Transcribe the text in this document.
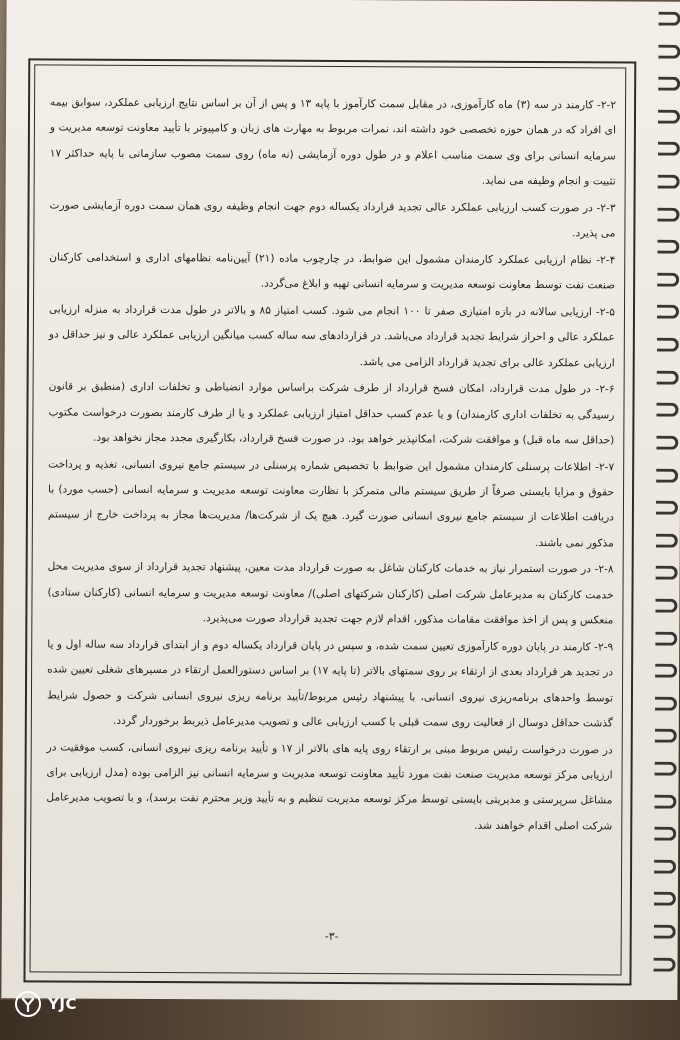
۲-۲- کارمند در سه (۳) ماه کارآموزی، در مقابل سمت کارآموز با پایه ۱۳ و پس از آن بر اساس نتایج ارزیابی عملکرد، سوابق بیمه ای افراد که در همان حوزه تخصصی خود داشته اند، نمرات مربوط به مهارت های زبان و کامپیوتر با تأیید معاونت توسعه مدیریت و سرمایه انسانی برای وی سمت مناسب اعلام و در طول دوره آزمایشی (نه ماه) روی سمت مصوب سازمانی با پایه حداکثر ۱۷ تثبیت و انجام وظیفه می نماید.

۲-۳- در صورت کسب ارزیابی عملکرد عالی تجدید قرارداد یکساله دوم جهت انجام وظیفه روی همان سمت دوره آزمایشی صورت می پذیرد.

۲-۴- نظام ارزیابی عملکرد کارمندان مشمول این ضوابط، در چارچوب ماده (۲۱) آیین‌نامه نظامهای اداری و استخدامی کارکنان صنعت نفت توسط معاونت توسعه مدیریت و سرمایه انسانی تهیه و ابلاغ می‌گردد.

۲-۵- ارزیابی سالانه در بازه امتیازی صفر تا ۱۰۰ انجام می شود. کسب امتیاز ۸۵ و بالاتر در طول مدت قرارداد به منزله ارزیابی عملکرد عالی و احراز شرایط تجدید قرارداد می‌باشد. در قراردادهای سه ساله کسب میانگین ارزیابی عملکرد عالی و نیز حداقل دو ارزیابی عملکرد عالی برای تجدید قرارداد الزامی می باشد.

۲-۶- در طول مدت قرارداد، امکان فسخ قرارداد از طرف شرکت براساس موارد انضباطی و تخلفات اداری (منطبق بر قانون رسیدگی به تخلفات اداری کارمندان) و یا عدم کسب حداقل امتیاز ارزیابی عملکرد و یا از طرف کارمند بصورت درخواست مکتوب (حداقل سه ماه قبل) و موافقت شرکت، امکانپذیر خواهد بود. در صورت فسخ قرارداد، بکارگیری مجدد مجاز نخواهد بود.

۲-۷- اطلاعات پرسنلی کارمندان مشمول این ضوابط با تخصیص شماره پرسنلی در سیستم جامع نیروی انسانی، تغذیه و پرداخت حقوق و مزایا بایستی صرفاً از طریق سیستم مالی متمرکز با نظارت معاونت توسعه مدیریت و سرمایه انسانی (حسب مورد) با دریافت اطلاعات از سیستم جامع نیروی انسانی صورت گیرد. هیچ یک از شرکت‌ها/ مدیریت‌ها مجاز به پرداخت خارج از سیستم مذکور نمی باشند.

۲-۸- در صورت استمرار نیاز به خدمات کارکنان شاغل به صورت قرارداد مدت معین، پیشنهاد تجدید قرارداد از سوی مدیریت محل خدمت کارکنان به مدیرعامل شرکت اصلی (کارکنان شرکتهای اصلی)/ معاونت توسعه مدیریت و سرمایه انسانی (کارکنان ستادی) منعکس و پس از اخذ موافقت مقامات مذکور، اقدام لازم جهت تجدید قرارداد صورت می‌پذیرد.

۲-۹- کارمند در پایان دوره کارآموزی تعیین سمت شده، و سپس در پایان قرارداد یکساله دوم و از ابتدای قرارداد سه ساله اول و یا در تجدید هر قرارداد بعدی از ارتقاء بر روی سمتهای بالاتر (تا پایه ۱۷) بر اساس دستورالعمل ارتقاء در مسیرهای شغلی تعیین شده توسط واحدهای برنامه‌ریزی نیروی انسانی، با پیشنهاد رئیس مربوط/تأیید برنامه ریزی نیروی انسانی شرکت و حصول شرایط گذشت حداقل دوسال از فعالیت روی سمت قبلی با کسب ارزیابی عالی و تصویب مدیرعامل ذیربط برخوردار گردد.

در صورت درخواست رئیس مربوط مبنی بر ارتقاء روی پایه های بالاتر از ۱۷ و تأیید برنامه ریزی نیروی انسانی، کسب موفقیت در ارزیابی مرکز توسعه مدیریت صنعت نفت مورد تأیید معاونت توسعه مدیریت و سرمایه انسانی نیز الزامی بوده (مدل ارزیابی برای مشاغل سرپرستی و مدیریتی بایستی توسط مرکز توسعه مدیریت تنظیم و به تأیید وزیر محترم نفت برسد)، و با تصویب مدیرعامل شرکت اصلی اقدام خواهند شد.

-۳-
YJC
